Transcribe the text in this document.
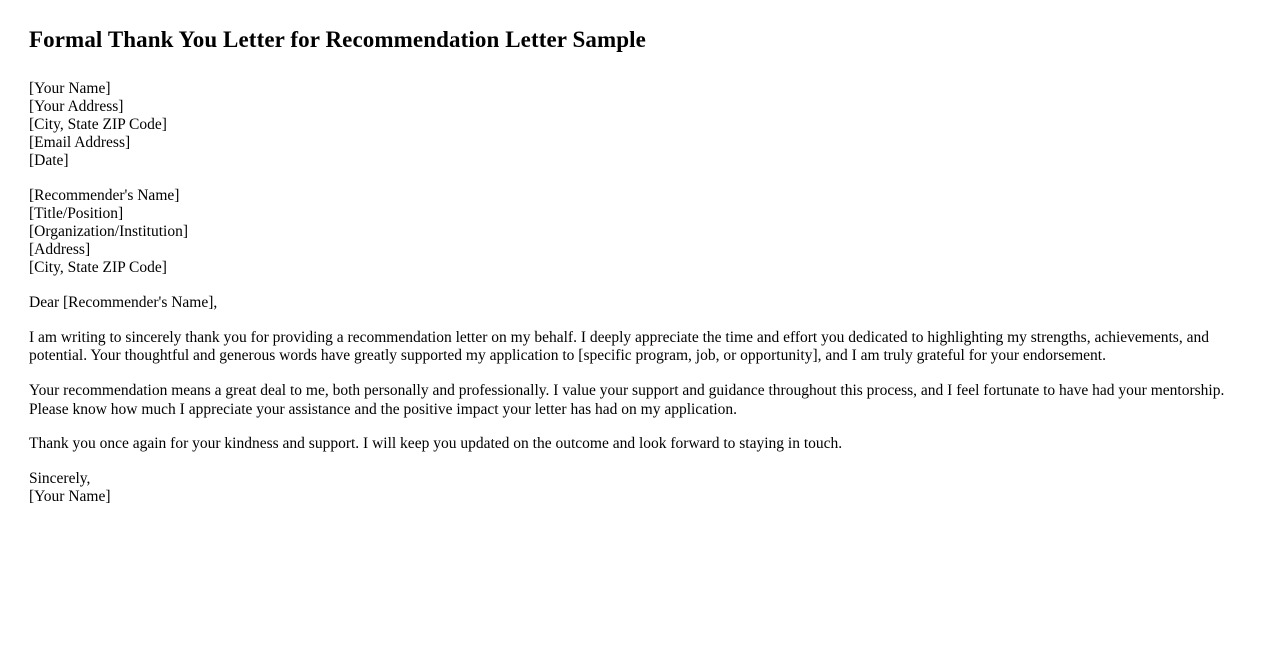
Formal Thank You Letter for Recommendation Letter Sample
[Your Name]
[Your Address]
[City, State ZIP Code]
[Email Address]
[Date]
[Recommender's Name]
[Title/Position]
[Organization/Institution]
[Address]
[City, State ZIP Code]

Dear [Recommender's Name],

I am writing to sincerely thank you for providing a recommendation letter on my behalf. I deeply appreciate the time and effort you dedicated to highlighting my strengths, achievements, and potential. Your thoughtful and generous words have greatly supported my application to [specific program, job, or opportunity], and I am truly grateful for your endorsement.

Your recommendation means a great deal to me, both personally and professionally. I value your support and guidance throughout this process, and I feel fortunate to have had your mentorship. Please know how much I appreciate your assistance and the positive impact your letter has had on my application.

Thank you once again for your kindness and support. I will keep you updated on the outcome and look forward to staying in touch.

Sincerely,
[Your Name]
